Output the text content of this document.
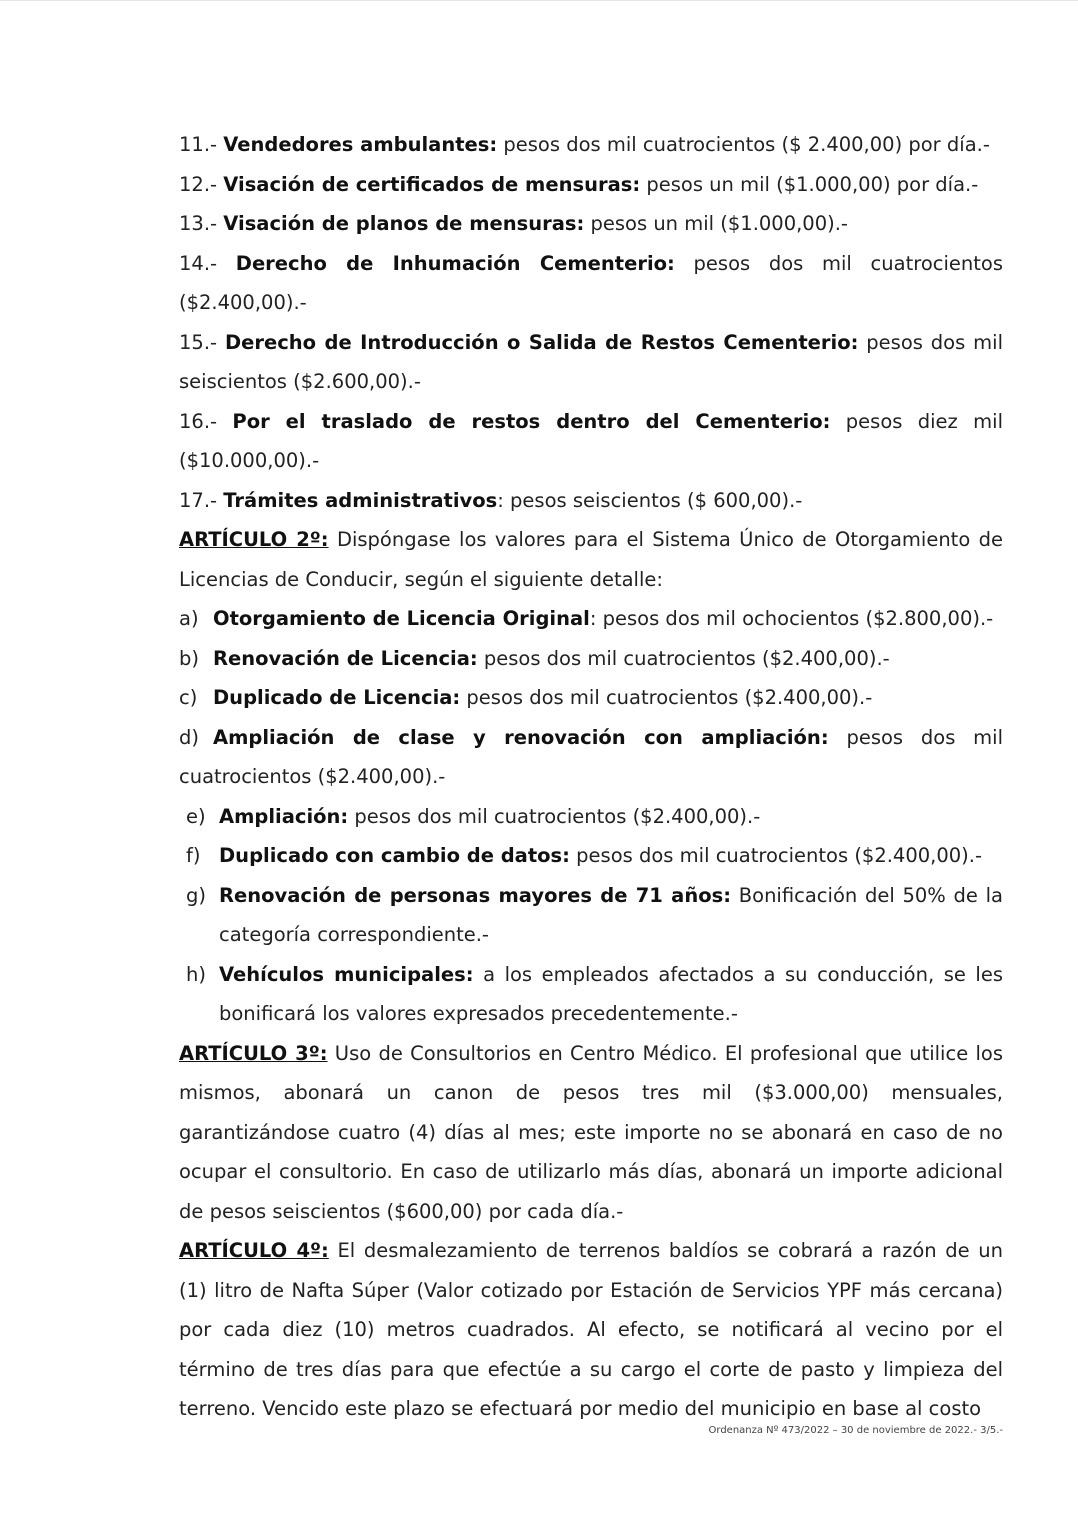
11.- Vendedores ambulantes: pesos dos mil cuatrocientos ($ 2.400,00) por día.-

12.- Visación de certificados de mensuras: pesos un mil ($1.000,00) por día.-

13.- Visación de planos de mensuras: pesos un mil ($1.000,00).-

14.- Derecho de Inhumación Cementerio: pesos dos mil cuatrocientos ($2.400,00).-

15.- Derecho de Introducción o Salida de Restos Cementerio: pesos dos mil seiscientos ($2.600,00).-

16.- Por el traslado de restos dentro del Cementerio: pesos diez mil ($10.000,00).-

17.- Trámites administrativos: pesos seiscientos ($ 600,00).-

ARTÍCULO 2º: Dispóngase los valores para el Sistema Único de Otorgamiento de Licencias de Conducir, según el siguiente detalle:

a) Otorgamiento de Licencia Original: pesos dos mil ochocientos ($2.800,00).-

b) Renovación de Licencia: pesos dos mil cuatrocientos ($2.400,00).-

c) Duplicado de Licencia: pesos dos mil cuatrocientos ($2.400,00).-

d) Ampliación de clase y renovación con ampliación: pesos dos mil cuatrocientos ($2.400,00).-

e) Ampliación: pesos dos mil cuatrocientos ($2.400,00).-

f) Duplicado con cambio de datos: pesos dos mil cuatrocientos ($2.400,00).-

g) Renovación de personas mayores de 71 años: Bonificación del 50% de la categoría correspondiente.-

h) Vehículos municipales: a los empleados afectados a su conducción, se les bonificará los valores expresados precedentemente.-

ARTÍCULO 3º: Uso de Consultorios en Centro Médico. El profesional que utilice los mismos, abonará un canon de pesos tres mil ($3.000,00) mensuales, garantizándose cuatro (4) días al mes; este importe no se abonará en caso de no ocupar el consultorio. En caso de utilizarlo más días, abonará un importe adicional de pesos seiscientos ($600,00) por cada día.-

ARTÍCULO 4º: El desmalezamiento de terrenos baldíos se cobrará a razón de un (1) litro de Nafta Súper (Valor cotizado por Estación de Servicios YPF más cercana) por cada diez (10) metros cuadrados. Al efecto, se notificará al vecino por el término de tres días para que efectúe a su cargo el corte de pasto y limpieza del terreno. Vencido este plazo se efectuará por medio del municipio en base al costo

Ordenanza Nº 473/2022 – 30 de noviembre de 2022.- 3/5.-
